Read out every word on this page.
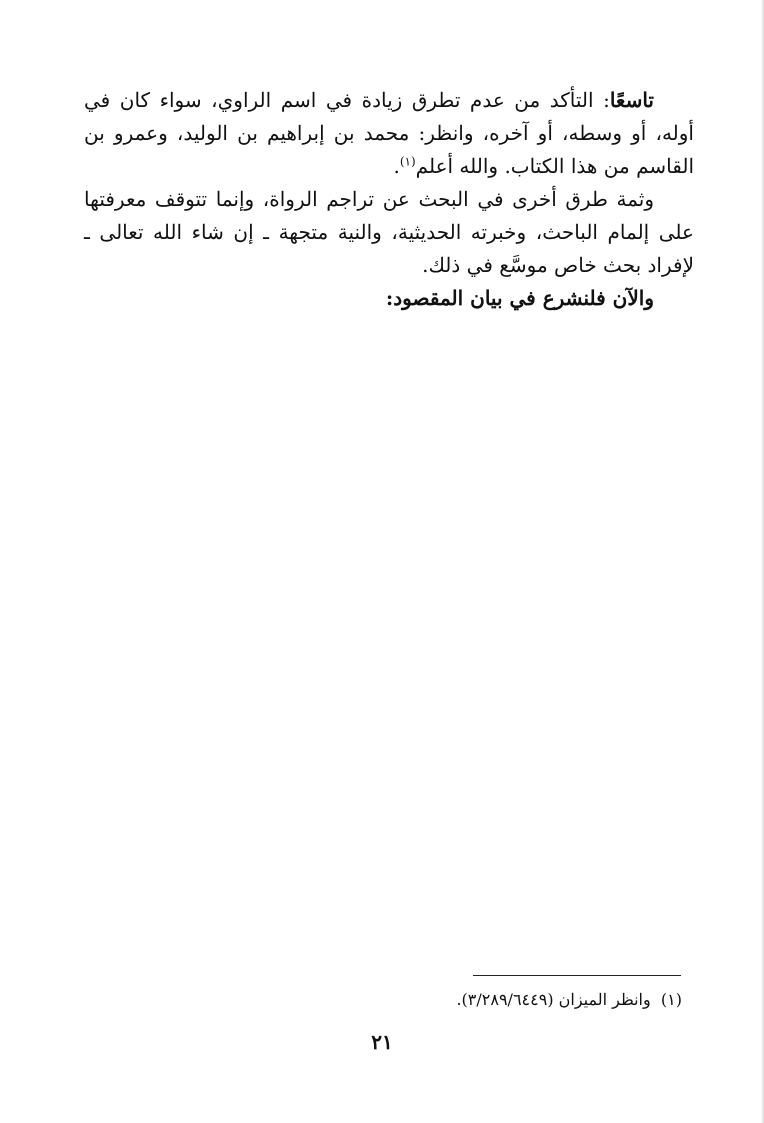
تاسعًا: التأكد من عدم تطرق زيادة في اسم الراوي، سواء كان في أوله، أو وسطه، أو آخره، وانظر: محمد بن إبراهيم بن الوليد، وعمرو بن القاسم من هذا الكتاب. والله أعلم$^{(١)}$.

وثمة طرق أخرى في البحث عن تراجم الرواة، وإنما تتوقف معرفتها على إلمام الباحث، وخبرته الحديثية، والنية متجهة ـ إن شاء الله تعالى ـ لإفراد بحث خاص موسَّع في ذلك.

والآن فلنشرع في بيان المقصود:

(١)  وانظر الميزان (٣/٢٨٩/٦٤٤٩).
٢١
